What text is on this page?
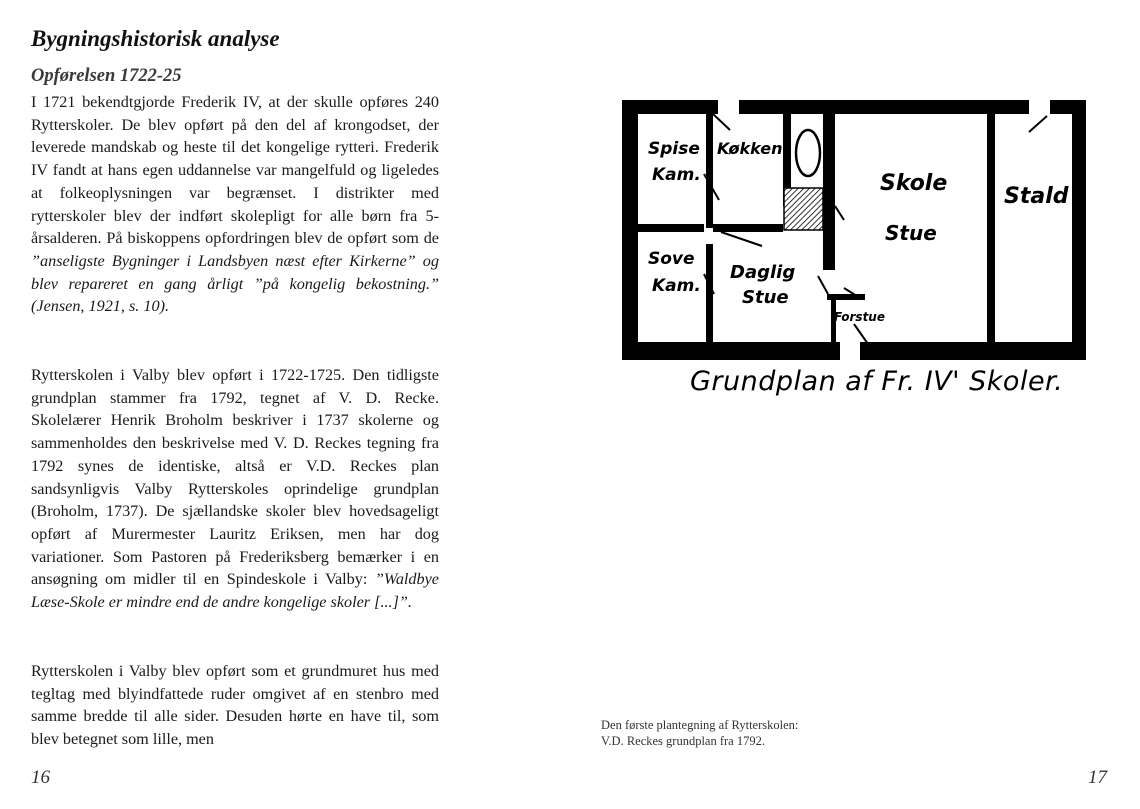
Bygningshistorisk analyse
Opførelsen 1722-25

I 1721 bekendtgjorde Frederik IV, at der skulle opføres 240 Rytterskoler. De blev opført på den del af krongodset, der leverede mandskab og heste til det kongelige rytteri. Frederik IV fandt at hans egen uddannelse var mangelfuld og ligeledes at folkeoplysningen var begrænset. I distrikter med rytterskoler blev der indført skolepligt for alle børn fra 5-årsalderen. På biskoppens opfordringen blev de opført som de ”anseligste Bygninger i Landsbyen næst efter Kirkerne” og blev repareret en gang årligt ”på kongelig bekostning.” (Jensen, 1921, s. 10).

Rytterskolen i Valby blev opført i 1722-1725. Den tidligste grundplan stammer fra 1792, tegnet af V. D. Recke. Skolelærer Henrik Broholm beskriver i 1737 skolerne og sammenholdes den beskrivelse med V. D. Reckes tegning fra 1792 synes de identiske, altså er V.D. Reckes plan sandsynligvis Valby Rytterskoles oprindelige grundplan (Broholm, 1737). De sjællandske skoler blev hovedsageligt opført af Murermester Lauritz Eriksen, men har dog variationer. Som Pastoren på Frederiksberg bemærker i en ansøgning om midler til en Spindeskole i Valby: ”Waldbye Læse-Skole er mindre end de andre kongelige skoler [...]”.

Rytterskolen i Valby blev opført som et grundmuret hus med tegltag med blyindfattede ruder omgivet af en stenbro med samme bredde til alle sider. Desuden hørte en have til, som blev betegnet som lille, men

16
Spise
Kam.
Køkken
Sove
Kam.
Daglig
Stue
Forstue
Skole
Stue
Stald
Grundplan af Fr. IV' Skoler.
Den første plantegning af Rytterskolen:
V.D. Reckes grundplan fra 1792.
17
